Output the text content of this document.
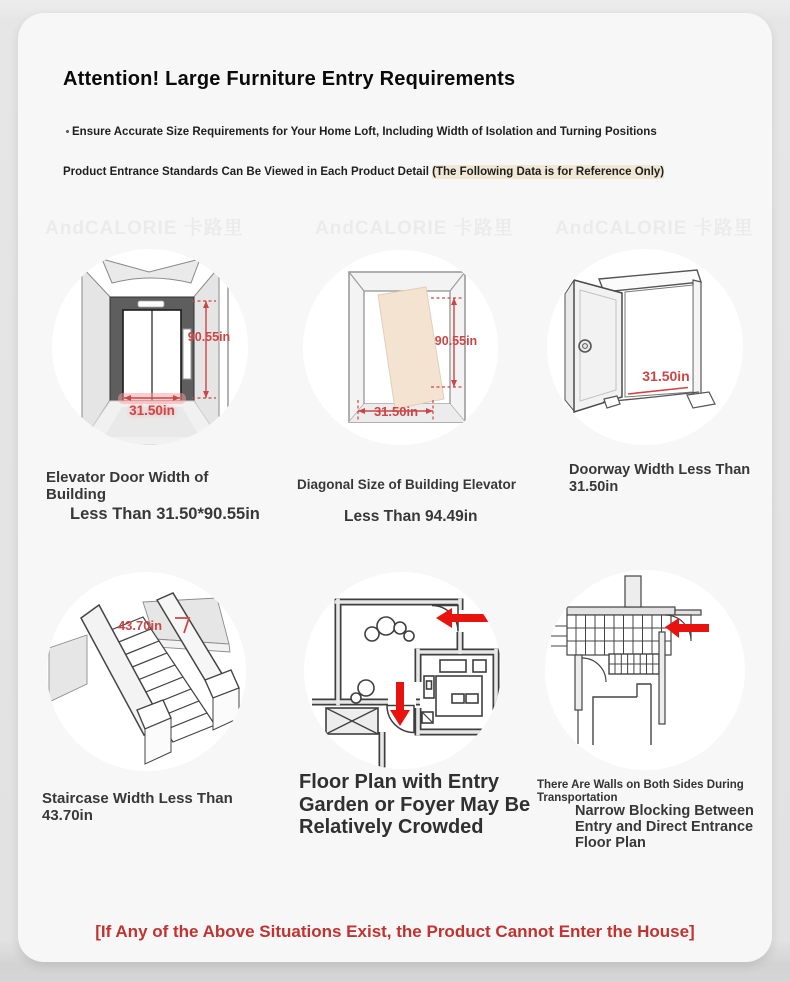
Attention! Large Furniture Entry Requirements
Ensure Accurate Size Requirements for Your Home Loft, Including Width of Isolation and Turning Positions
Product Entrance Standards Can Be Viewed in Each Product Detail (The Following Data is for Reference Only)
AndCALORIE 卡路里	AndCALORIE 卡路里 AndCALORIE 卡路里
90.55in
31.50in
90.55in
31.50in
31.50in
43.70in
Elevator Door Width of Building
Less Than 31.50*90.55in
Diagonal Size of Building Elevator
Less Than 94.49in
Doorway Width Less Than 31.50in
Staircase Width Less Than 43.70in
Floor Plan with Entry Garden or Foyer May Be Relatively Crowded
There Are Walls on Both Sides During Transportation
Narrow Blocking Between Entry and Direct Entrance Floor Plan
[If Any of the Above Situations Exist, the Product Cannot Enter the House]
